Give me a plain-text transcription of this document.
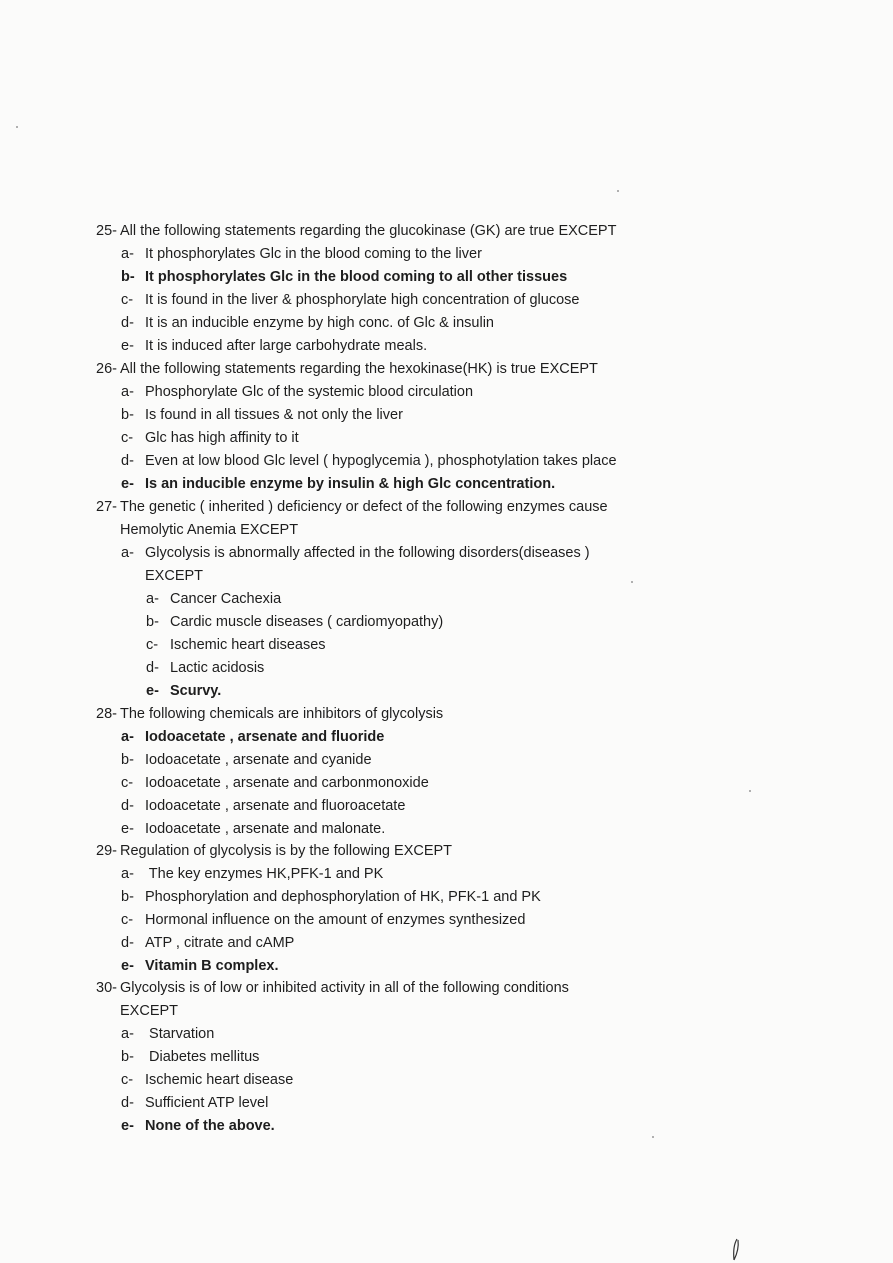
25- All the following statements regarding the glucokinase (GK) are true EXCEPT
a- It phosphorylates Glc in the blood coming to the liver
b- It phosphorylates Glc in the blood coming to all other tissues
c- It is found in the liver & phosphorylate high concentration of glucose
d- It is an inducible enzyme by high conc. of Glc & insulin
e- It is induced after large carbohydrate meals.
26- All the following statements regarding the hexokinase(HK) is true EXCEPT
a- Phosphorylate Glc of the systemic blood circulation
b- Is found in all tissues & not only the liver
c- Glc has high affinity to it
d- Even at low blood Glc level ( hypoglycemia ), phosphotylation takes place
e- Is an inducible enzyme by insulin & high Glc concentration.
27- The genetic ( inherited ) deficiency or defect of the following enzymes cause
Hemolytic Anemia EXCEPT
a- Glycolysis is abnormally affected in the following disorders(diseases )
EXCEPT
a- Cancer Cachexia
b- Cardic muscle diseases ( cardiomyopathy)
c- Ischemic heart diseases
d- Lactic acidosis
e- Scurvy.
28- The following chemicals are inhibitors of glycolysis
a- Iodoacetate , arsenate and fluoride
b- Iodoacetate , arsenate and cyanide
c- Iodoacetate , arsenate and carbonmonoxide
d- Iodoacetate , arsenate and fluoroacetate
e- Iodoacetate , arsenate and malonate.
29- Regulation of glycolysis is by the following EXCEPT
a- The key enzymes HK,PFK-1 and PK
b- Phosphorylation and dephosphorylation of HK, PFK-1 and PK
c- Hormonal influence on the amount of enzymes synthesized
d- ATP , citrate and cAMP
e- Vitamin B complex.
30- Glycolysis is of low or inhibited activity in all of the following conditions
EXCEPT
a- Starvation
b- Diabetes mellitus
c- Ischemic heart disease
d- Sufficient ATP level
e- None of the above.
